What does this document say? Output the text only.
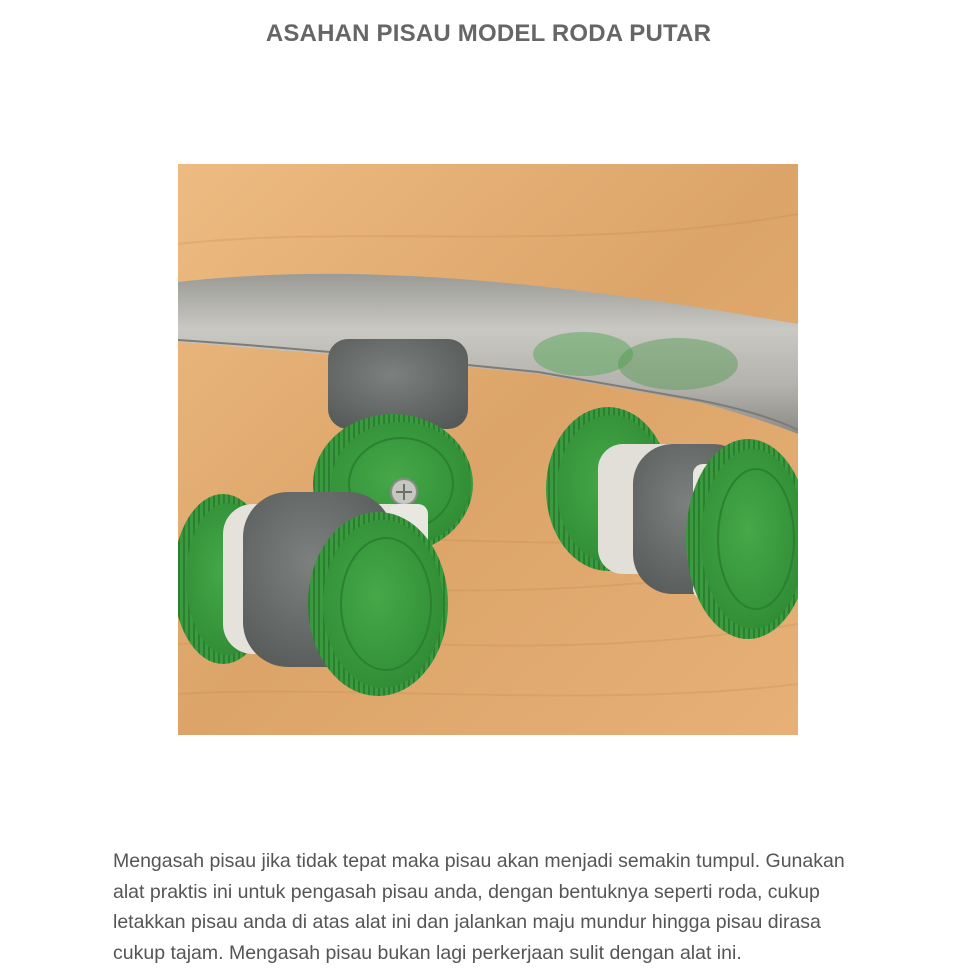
ASAHAN PISAU MODEL RODA PUTAR
Mengasah pisau jika tidak tepat maka pisau akan menjadi semakin tumpul. Gunakan alat praktis ini untuk pengasah pisau anda, dengan bentuknya seperti roda, cukup letakkan pisau anda di atas alat ini dan jalankan maju mundur hingga pisau dirasa cukup tajam. Mengasah pisau bukan lagi perkerjaan sulit dengan alat ini.
